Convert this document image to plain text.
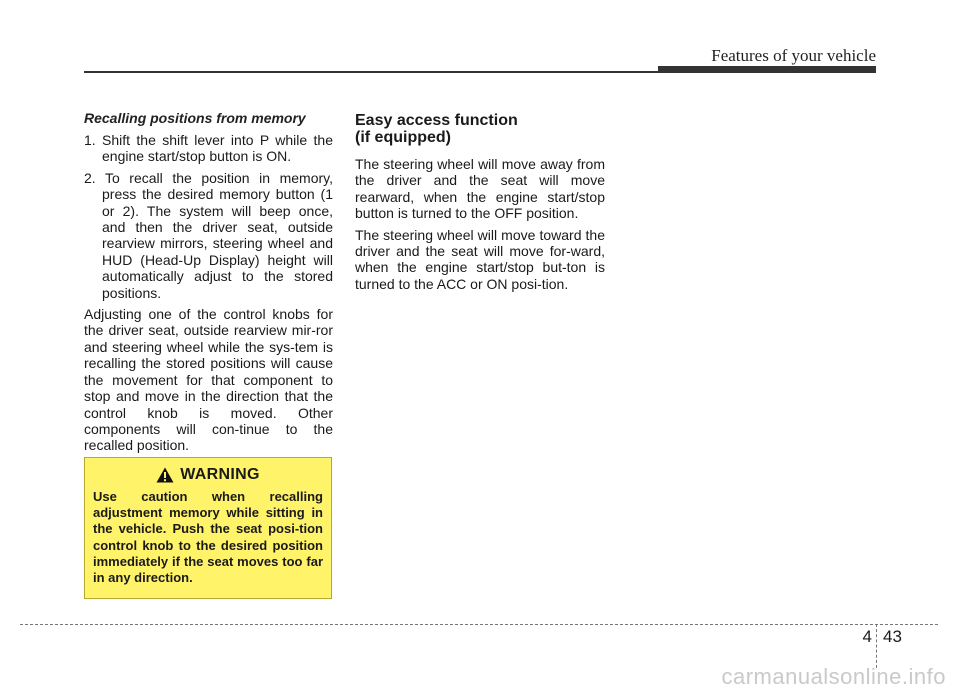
Features of your vehicle
Recalling positions from memory
1. Shift the shift lever into P while the engine start/stop button is ON.
2. To recall the position in memory, press the desired memory button (1 or 2). The system will beep once, and then the driver seat, outside rearview mirrors, steering wheel and HUD (Head-Up Display) height will automatically adjust to the stored positions.

Adjusting one of the control knobs for the driver seat, outside rearview mir-ror and steering wheel while the sys-tem is recalling the stored positions will cause the movement for that component to stop and move in the direction that the control knob is moved. Other components will con-tinue to the recalled position.

WARNING
Use caution when recalling adjustment memory while sitting in the vehicle. Push the seat posi-tion control knob to the desired position immediately if the seat moves too far in any direction.
Easy access function
(if equipped)

The steering wheel will move away from the driver and the seat will move rearward, when the engine start/stop button is turned to the OFF position.

The steering wheel will move toward the driver and the seat will move for-ward, when the engine start/stop but-ton is turned to the ACC or ON posi-tion.

4 43
carmanualsonline.info
